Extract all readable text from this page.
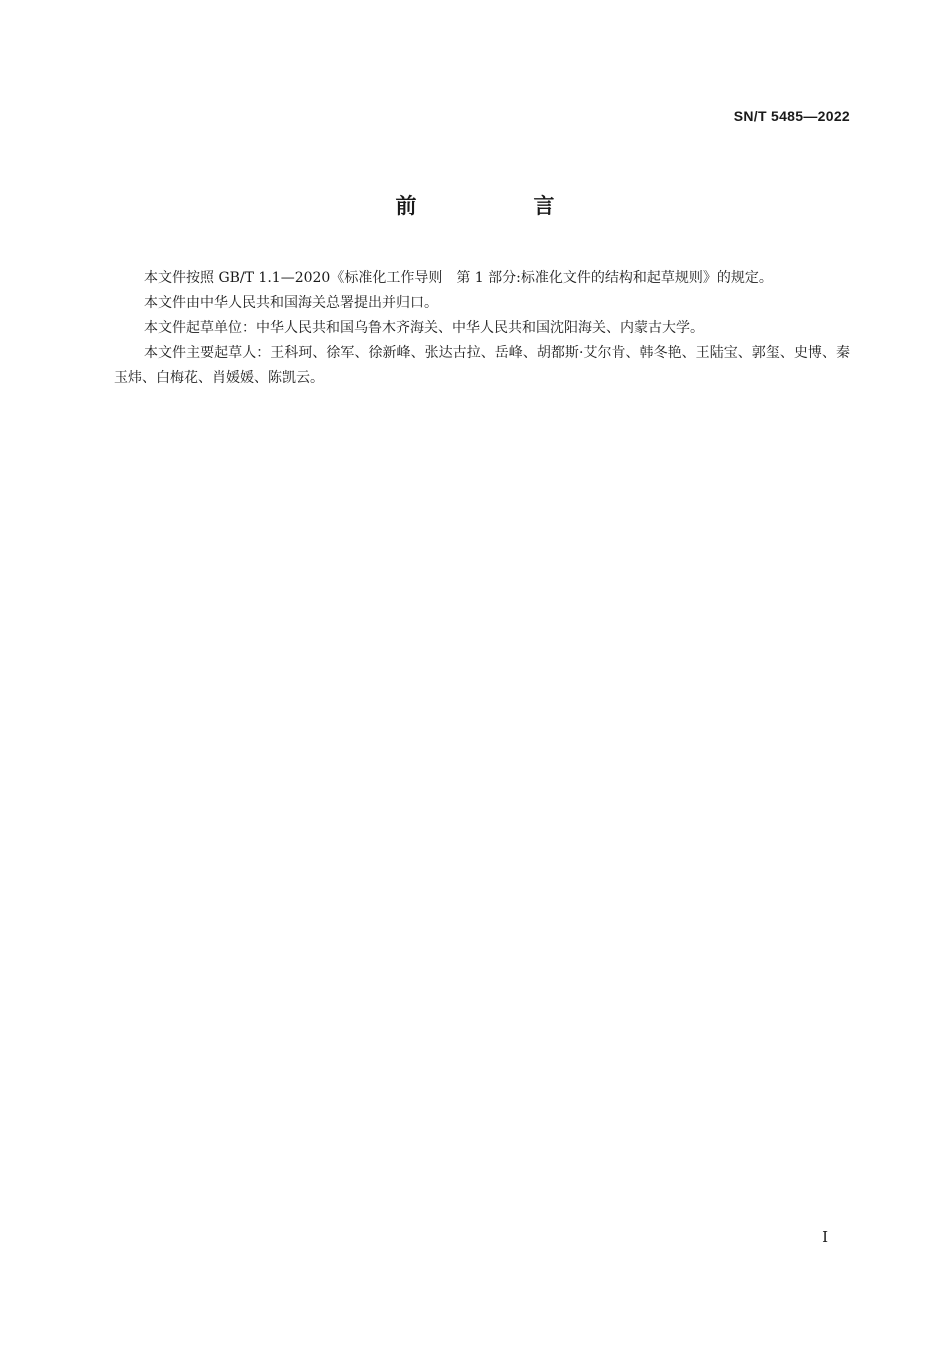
SN/T 5485—2022
前　言

本文件按照 GB/T 1.1—2020《标准化工作导则　第 1 部分:标准化文件的结构和起草规则》的规定。

本文件由中华人民共和国海关总署提出并归口。

本文件起草单位：中华人民共和国乌鲁木齐海关、中华人民共和国沈阳海关、内蒙古大学。

本文件主要起草人：王科珂、徐军、徐新峰、张达古拉、岳峰、胡都斯·艾尔肯、韩冬艳、王陆宝、郭玺、史博、秦玉炜、白梅花、肖媛媛、陈凯云。

I
